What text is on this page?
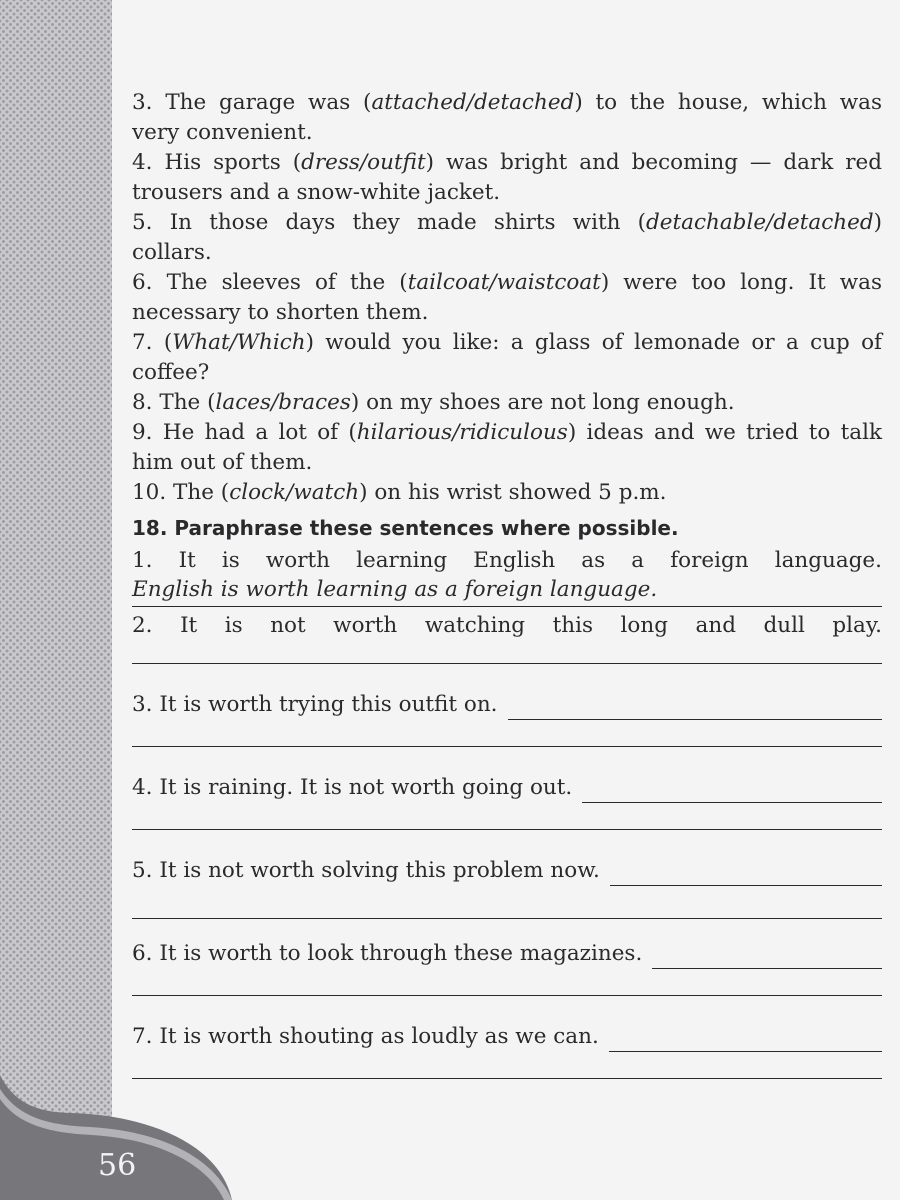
56

3. The garage was (attached/detached) to the house, which was very convenient.

4. His sports (dress/outfit) was bright and becoming — dark red trousers and a snow-white jacket.

5. In those days they made shirts with (detachable/detached) collars.

6. The sleeves of the (tailcoat/waistcoat) were too long. It was necessary to shorten them.

7. (What/Which) would you like: a glass of lemonade or a cup of coffee?

8. The (laces/braces) on my shoes are not long enough.

9. He had a lot of (hilarious/ridiculous) ideas and we tried to talk him out of them.

10. The (clock/watch) on his wrist showed 5 p.m.

18. Paraphrase these sentences where possible.

1. It is worth learning English as a foreign language.

English is worth learning as a foreign language.

2. It is not worth watching this long and dull play.

3. It is worth trying this outfit on.
4. It is raining. It is not worth going out.
5. It is not worth solving this problem now.
6. It is worth to look through these magazines.
7. It is worth shouting as loudly as we can.
